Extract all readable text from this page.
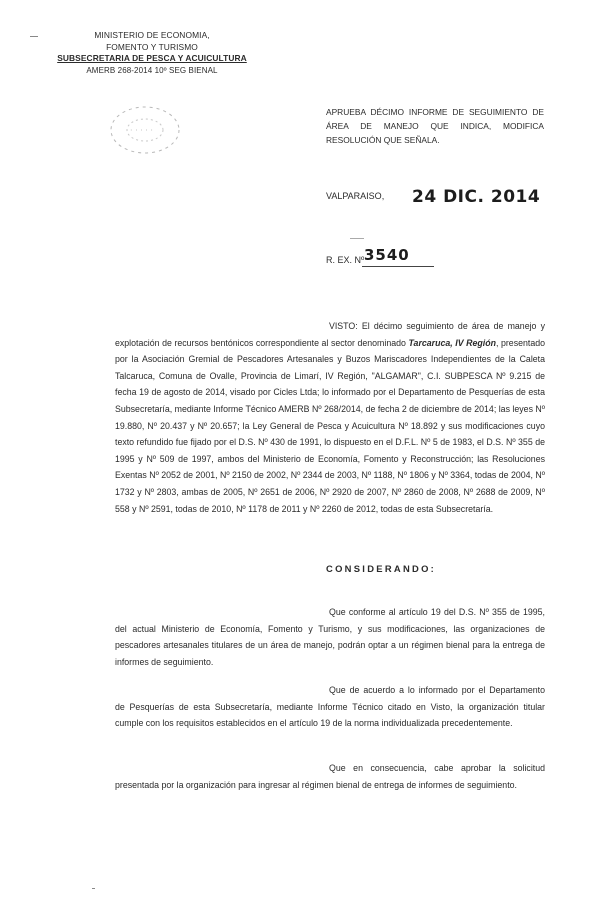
MINISTERIO DE ECONOMIA,
FOMENTO Y TURISMO
SUBSECRETARIA DE PESCA Y ACUICULTURA
AMERB 268-2014 10º SEG BIENAL
· · · · ·
APRUEBA DÉCIMO INFORME DE SEGUIMIENTO DE ÁREA DE MANEJO QUE INDICA, MODIFICA RESOLUCIÓN QUE SEÑALA.
VALPARAISO, 24 DIC. 2014
R. EX. Nº 3540
VISTO: El décimo seguimiento de área de manejo y explotación de recursos bentónicos correspondiente al sector denominado Tarcaruca, IV Región, presentado por la Asociación Gremial de Pescadores Artesanales y Buzos Mariscadores Independientes de la Caleta Talcaruca, Comuna de Ovalle, Provincia de Limarí, IV Región, "ALGAMAR", C.I. SUBPESCA Nº 9.215 de fecha 19 de agosto de 2014, visado por Cicles Ltda; lo informado por el Departamento de Pesquerías de esta Subsecretaría, mediante Informe Técnico AMERB Nº 268/2014, de fecha 2 de diciembre de 2014; las leyes Nº 19.880, Nº 20.437 y Nº 20.657; la Ley General de Pesca y Acuicultura Nº 18.892 y sus modificaciones cuyo texto refundido fue fijado por el D.S. Nº 430 de 1991, lo dispuesto en el D.F.L. Nº 5 de 1983, el D.S. Nº 355 de 1995 y Nº 509 de 1997, ambos del Ministerio de Economía, Fomento y Reconstrucción; las Resoluciones Exentas Nº 2052 de 2001, Nº 2150 de 2002, Nº 2344 de 2003, Nº 1188, Nº 1806 y Nº 3364, todas de 2004, Nº 1732 y Nº 2803, ambas de 2005, Nº 2651 de 2006, Nº 2920 de 2007, Nº 2860 de 2008, Nº 2688 de 2009, Nº 558 y Nº 2591, todas de 2010, Nº 1178 de 2011 y Nº 2260 de 2012, todas de esta Subsecretaría.
CONSIDERANDO:
Que conforme al artículo 19 del D.S. Nº 355 de 1995, del actual Ministerio de Economía, Fomento y Turismo, y sus modificaciones, las organizaciones de pescadores artesanales titulares de un área de manejo, podrán optar a un régimen bienal para la entrega de informes de seguimiento.
Que de acuerdo a lo informado por el Departamento de Pesquerías de esta Subsecretaría, mediante Informe Técnico citado en Visto, la organización titular cumple con los requisitos establecidos en el artículo 19 de la norma individualizada precedentemente.
Que en consecuencia, cabe aprobar la solicitud presentada por la organización para ingresar al régimen bienal de entrega de informes de seguimiento.
